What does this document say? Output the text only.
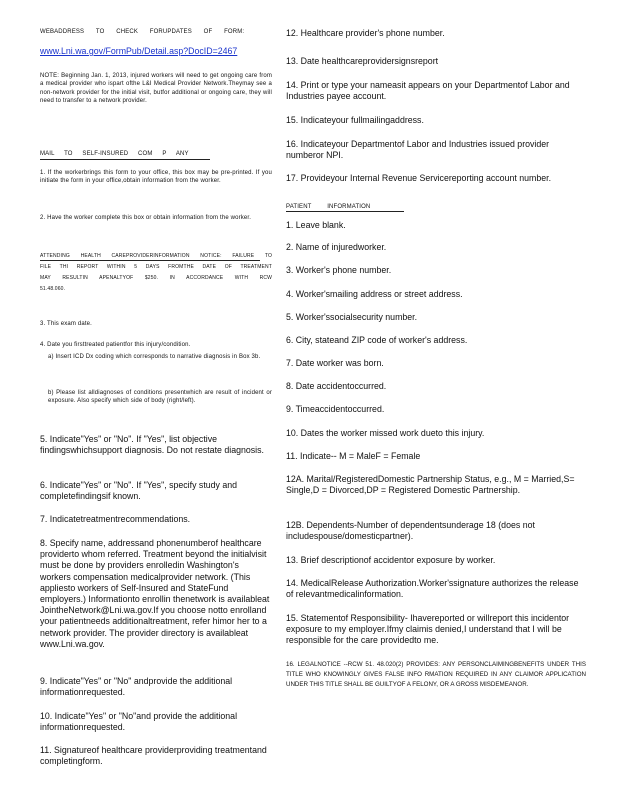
WEBADDRESS TO CHECK FORUPDATES OF FORM:

www.Lni.wa.gov/FormPub/Detail.asp?DocID=2467

NOTE: Beginning Jan. 1, 2013, injured workers will need to get ongoing care from a medical provider who ispart ofthe L&I Medical Provider Network.Theymay see a non-network provider for the initial visit, butfor additional or ongoing care, they will need to transfer to a network provider.

MAIL TO SELF-INSURED COM P ANY

1. If the workerbrings this form to your office, this box may be pre-printed. If you initiate the form in your office,obtain information from the worker.

2. Have the worker complete this box or obtain information from the worker.

ATTENDING HEALTH CAREPROVIDERINFORMATION NOTICE: FAILURE TO FILE THI REPORT WITHIN 5 DAYS FROMTHE DATE OF TREATMENT MAY RESULTIN APENALTYOF $250. IN ACCORDANCE WITH RCW 51.48.060.

3. This exam date.

4. Date you firsttreated patientfor this injury/condition.

a) Insert ICD Dx coding which corresponds to narrative diagnosis in Box 3b.

b) Please list alldiagnoses of conditions presentwhich are result of incident or exposure. Also specify which side of body (right/left).

5. Indicate"Yes" or "No". If "Yes", list objective findingswhichsupport diagnosis. Do not restate diagnosis.

6. Indicate"Yes" or "No". If "Yes", specify study and completefindingsif known.

7. Indicatetreatmentrecommendations.

8. Specify name, addressand phonenumberof healthcare providerto whom referred. Treatment beyond the initialvisit must be done by providers enrolledin Washington's workers compensation medicalprovider network. (This appliesto workers of Self-Insured and StateFund employers.) Informationto enrollin thenetwork is availableat JointheNetwork@Lni.wa.gov.If you choose notto enrolland your patientneeds additionaltreatment, refer himor her to a network provider. The provider directory is availableat www.Lni.wa.gov.

9. Indicate"Yes" or "No" andprovide the additional informationrequested.

10. Indicate"Yes" or "No"and provide the additional informationrequested.

11. Signatureof healthcare providerproviding treatmentand completingform.

12. Healthcare provider's phone number.

13. Date healthcareprovidersignsreport

14. Print or type your nameasit appears on your Departmentof Labor and Industries payee account.

15. Indicateyour fullmailingaddress.

16. Indicateyour Departmentof Labor and Industries issued provider numberor NPI.

17. Provideyour Internal Revenue Servicereporting account number.

PATIENT INFORMATION

1. Leave blank.

2. Name of injuredworker.

3. Worker's phone number.

4. Worker'smailing address or street address.

5. Worker'ssocialsecurity number.

6. City, stateand ZIP code of worker's address.

7. Date worker was born.

8. Date accidentoccurred.

9. Timeaccidentoccurred.

10. Dates the worker missed work dueto this injury.

11. Indicate-- M = MaleF = Female

12A. Marital/RegisteredDomestic Partnership Status, e.g., M = Married,S= Single,D = Divorced,DP = Registered Domestic Partnership.

12B. Dependents-Number of dependentsunderage 18 (does not includespouse/domesticpartner).

13. Brief descriptionof accidentor exposure by worker.

14. MedicalRelease Authorization.Worker'ssignature authorizes the release of relevantmedicalinformation.

15. Statementof Responsibility- Ihavereported or willreport this incidentor exposure to my employer.Ifmy claimis denied,I understand that I will be responsible for the care providedto me.

16. LEGALNOTICE --RCW 51. 48.020(2) PROVIDES: ANY PERSONCLAIMINGBENEFITS UNDER THIS TITLE WHO KNOWINGLY GIVES FALSE INFO RMATION REQUIRED IN ANY CLAIMOR APPLICATION UNDER THIS TITLE SHALL BE GUILTYOF A FELONY, OR A GROSS MISDEMEANOR.
